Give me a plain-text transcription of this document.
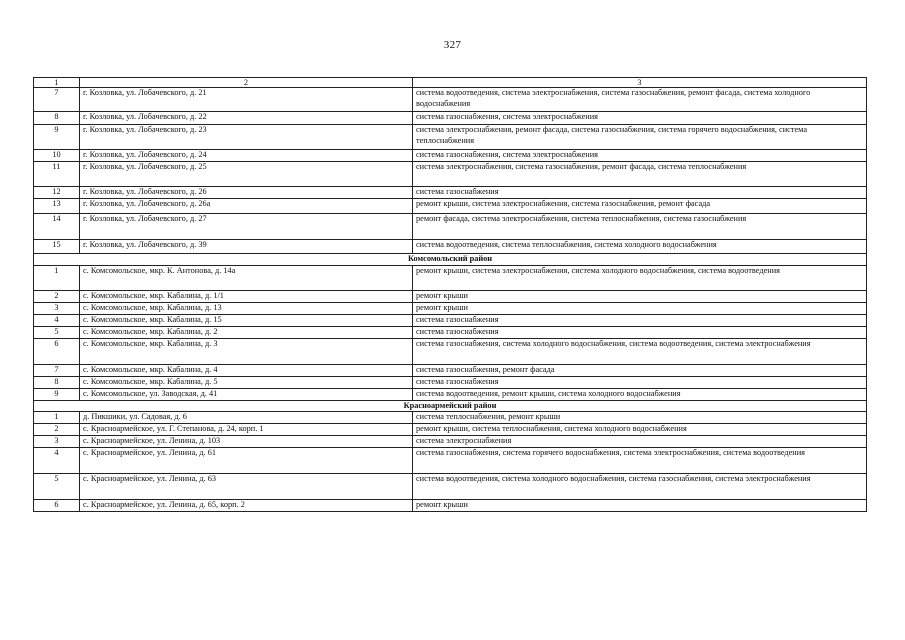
327
1	2	3
7	г. Козловка, ул. Лобачевского, д. 21	система водоотведения, система электроснабжения, система газоснабжения, ремонт фасада, система холодного водоснабжения
8	г. Козловка, ул. Лобачевского, д. 22	система газоснабжения, система электроснабжения
9	г. Козловка, ул. Лобачевского, д. 23	система электроснабжения, ремонт фасада, система газоснабжения, система горячего водоснабжения, система теплоснабжения
10	г. Козловка, ул. Лобачевского, д. 24	система газоснабжения, система электроснабжения
11	г. Козловка, ул. Лобачевского, д. 25	система электроснабжения, система газоснабжения, ремонт фасада, система теплоснабжения
12	г. Козловка, ул. Лобачевского, д. 26	система газоснабжения
13	г. Козловка, ул. Лобачевского, д. 26а	ремонт крыши, система электроснабжения, система газоснабжения, ремонт фасада
14	г. Козловка, ул. Лобачевского, д. 27	ремонт фасада, система электроснабжения, система теплоснабжения, система газоснабжения
15	г. Козловка, ул. Лобачевского, д. 39	система водоотведения, система теплоснабжения, система холодного водоснабжения
Комсомольский район		
1	с. Комсомольское, мкр. К. Антонова, д. 14а	ремонт крыши, система электроснабжения, система холодного водоснабжения, система водоотведения
2	с. Комсомольское, мкр. Кабалина, д. 1/1	ремонт крыши
3	с. Комсомольское, мкр. Кабалина, д. 13	ремонт крыши
4	с. Комсомольское, мкр. Кабалина, д. 15	система газоснабжения
5	с. Комсомольское, мкр. Кабалина, д. 2	система газоснабжения
6	с. Комсомольское, мкр. Кабалина, д. 3	система газоснабжения, система холодного водоснабжения, система водоотведения, система электроснабжения
7	с. Комсомольское, мкр. Кабалина, д. 4	система газоснабжения, ремонт фасада
8	с. Комсомольское, мкр. Кабалина, д. 5	система газоснабжения
9	с. Комсомольское, ул. Заводская, д. 41	система водоотведения, ремонт крыши, система холодного водоснабжения
Красноармейский район		
1	д. Пикшики, ул. Садовая, д. 6	система теплоснабжения, ремонт крыши
2	с. Красноармейское, ул. Г. Степанова, д. 24, корп. 1	ремонт крыши, система теплоснабжения, система холодного водоснабжения
3	с. Красноармейское, ул. Ленина, д. 103	система электроснабжения
4	с. Красноармейское, ул. Ленина, д. 61	система газоснабжения, система горячего водоснабжения, система электроснабжения, система водоотведения
5	с. Красноармейское, ул. Ленина, д. 63	система водоотведения, система холодного водоснабжения, система газоснабжения, система электроснабжения
6	с. Красноармейское, ул. Ленина, д. 65, корп. 2	ремонт крыши
